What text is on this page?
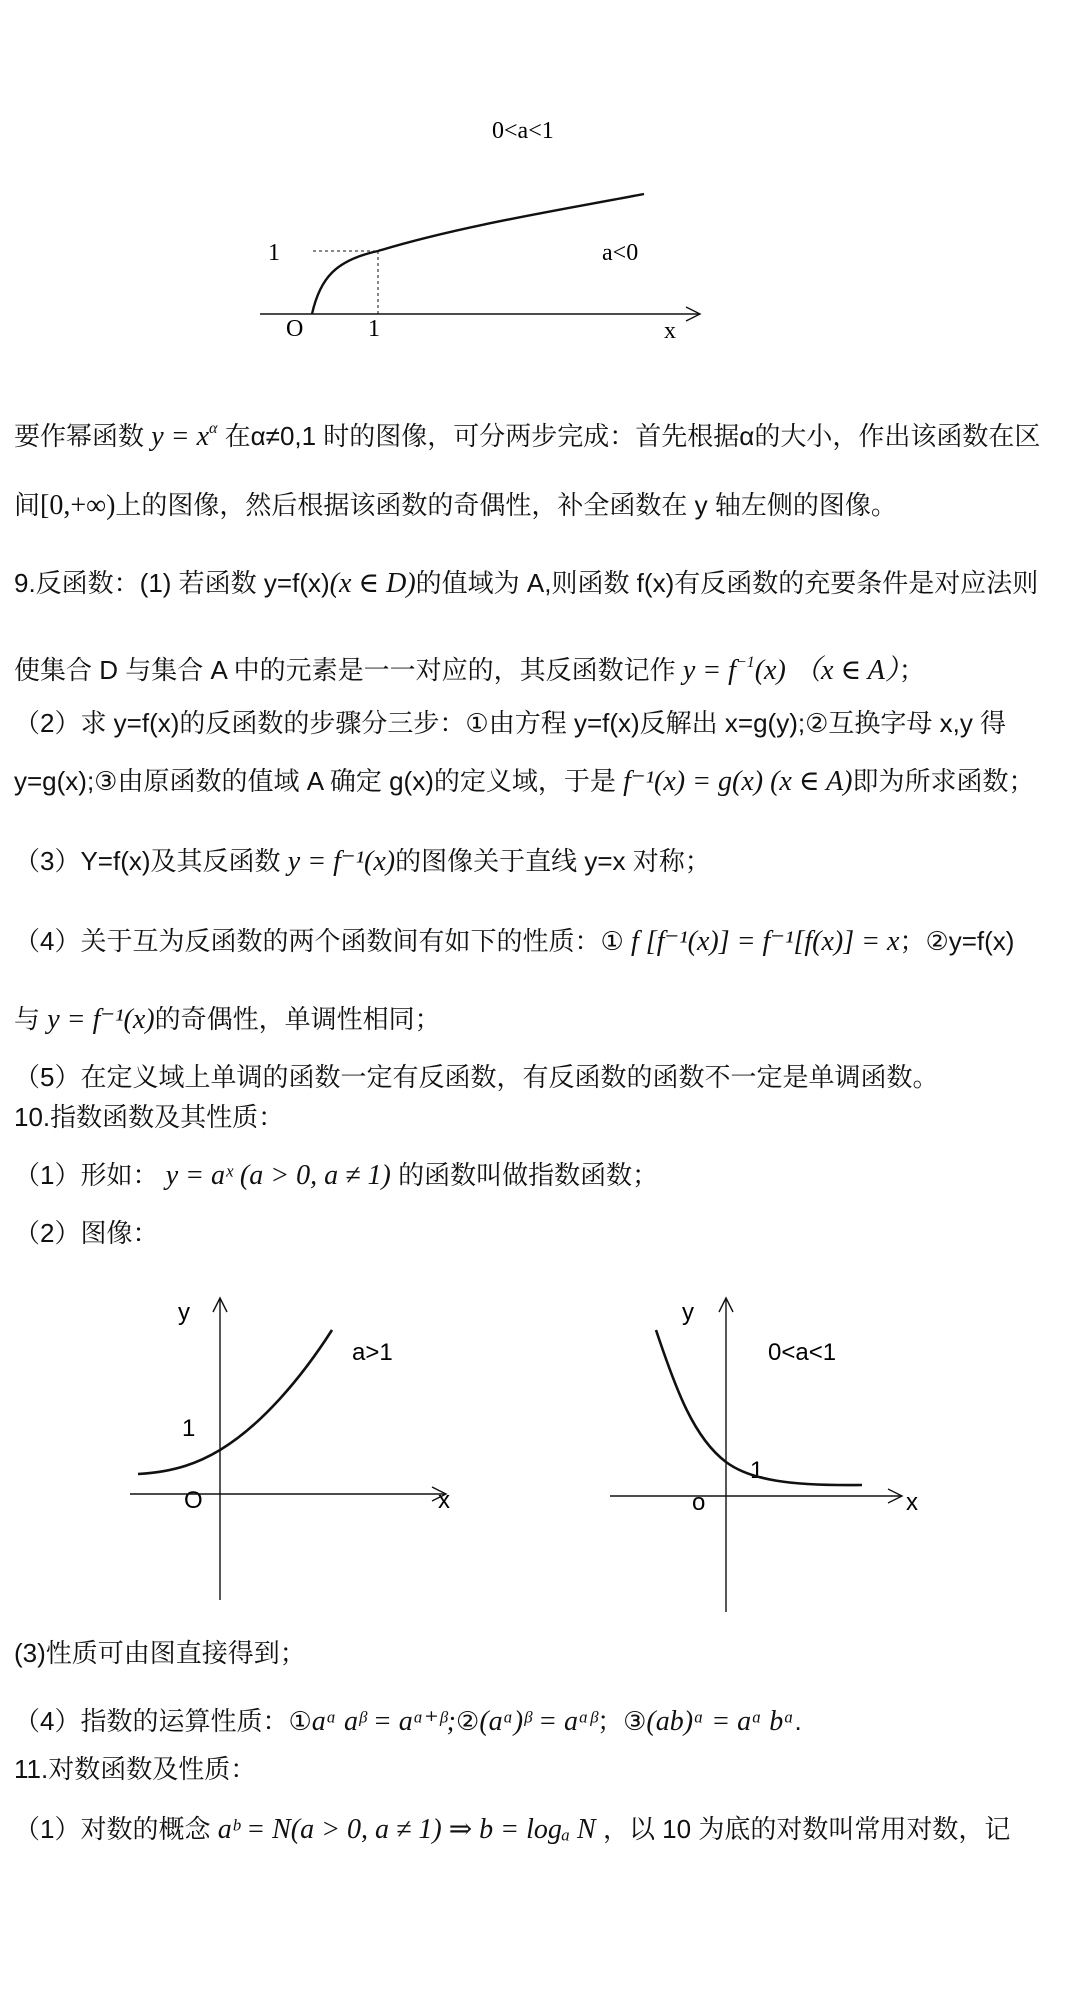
0<a<1
a<0
1
O	1	x
要作幂函数 $y = x^\alpha$ 在α≠0,1 时的图像，可分两步完成：首先根据α的大小，作出该函数在区
间[0,+∞)上的图像，然后根据该函数的奇偶性，补全函数在 y 轴左侧的图像。
9.反函数：(1) 若函数 y=f(x)(x ∈ D)的值域为 A,则函数 f(x)有反函数的充要条件是对应法则
使集合 D 与集合 A 中的元素是一一对应的，其反函数记作 $y = f^{-1}(x)$ （x ∈ A）；
（2）求 y=f(x)的反函数的步骤分三步：①由方程 y=f(x)反解出 x=g(y);②互换字母 x,y 得
y=g(x);③由原函数的值域 A 确定 g(x)的定义域，于是 f⁻¹(x) = g(x) (x ∈ A)即为所求函数；
（3）Y=f(x)及其反函数 y = f⁻¹(x)的图像关于直线 y=x 对称；
（4）关于互为反函数的两个函数间有如下的性质：① f [f⁻¹(x)] = f⁻¹[f(x)] = x；②y=f(x)
与 y = f⁻¹(x)的奇偶性，单调性相同；
（5）在定义域上单调的函数一定有反函数，有反函数的函数不一定是单调函数。
10.指数函数及其性质：
（1）形如： y = aˣ (a > 0, a ≠ 1) 的函数叫做指数函数；
（2）图像：
y
a>1
1
O	x
y
0<a<1
1
o	x
(3)性质可由图直接得到；
（4）指数的运算性质：①aᵅ aᵝ = aᵅ⁺ᵝ;②(aᵅ)ᵝ = aᵅᵝ；③(ab)ᵅ = aᵅ bᵅ.
11.对数函数及性质：
（1）对数的概念 aᵇ = N(a > 0, a ≠ 1) ⇒ b = logₐ N ，以 10 为底的对数叫常用对数，记
